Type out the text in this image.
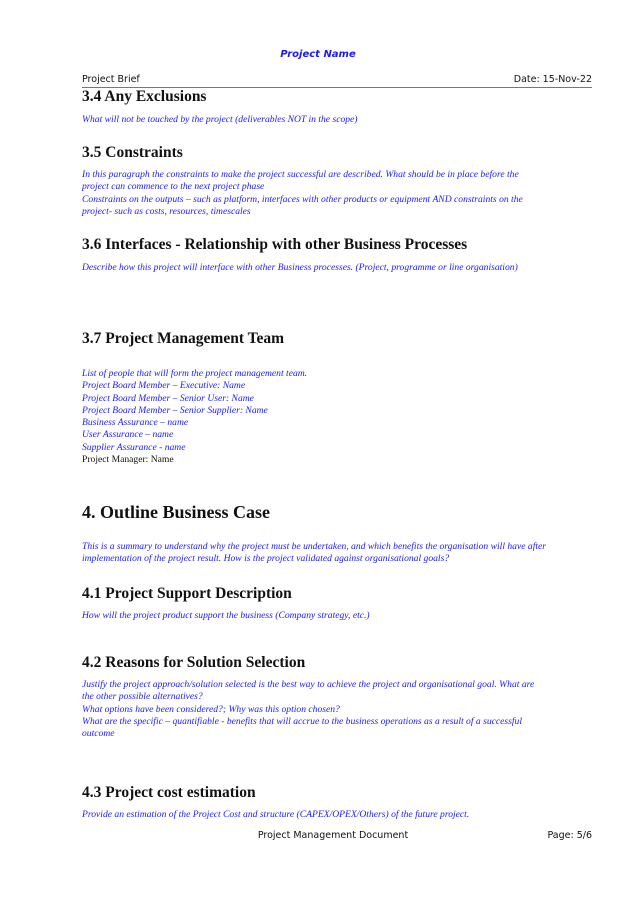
Project Name
Project Brief	Date: 15-Nov-22
3.4 Any Exclusions
What will not be touched by the project (deliverables NOT in the scope)
3.5 Constraints
In this paragraph the constraints to make the project successful are described. What should be in place before the
project can commence to the next project phase
Constraints on the outputs – such as platform, interfaces with other products or equipment AND constraints on the
project- such as costs, resources, timescales
3.6 Interfaces - Relationship with other Business Processes
Describe how this project will interface with other Business processes. (Project, programme or line organisation)
3.7 Project Management Team
List of people that will form the project management team.
Project Board Member – Executive: Name
Project Board Member – Senior User: Name
Project Board Member – Senior Supplier: Name
Business Assurance – name
User Assurance – name
Supplier Assurance - name
Project Manager: Name
4. Outline Business Case
This is a summary to understand why the project must be undertaken, and which benefits the organisation will have after
implementation of the project result. How is the project validated against organisational goals?
4.1 Project Support Description
How will the project product support the business (Company strategy, etc.)
4.2 Reasons for Solution Selection
Justify the project approach/solution selected is the best way to achieve the project and organisational goal. What are
the other possible alternatives?
What options have been considered?; Why was this option chosen?
What are the specific – quantifiable - benefits that will accrue to the business operations as a result of a successful
outcome
4.3 Project cost estimation
Provide an estimation of the Project Cost and structure (CAPEX/OPEX/Others) of the future project.
Project Management Document	Page: 5/6
